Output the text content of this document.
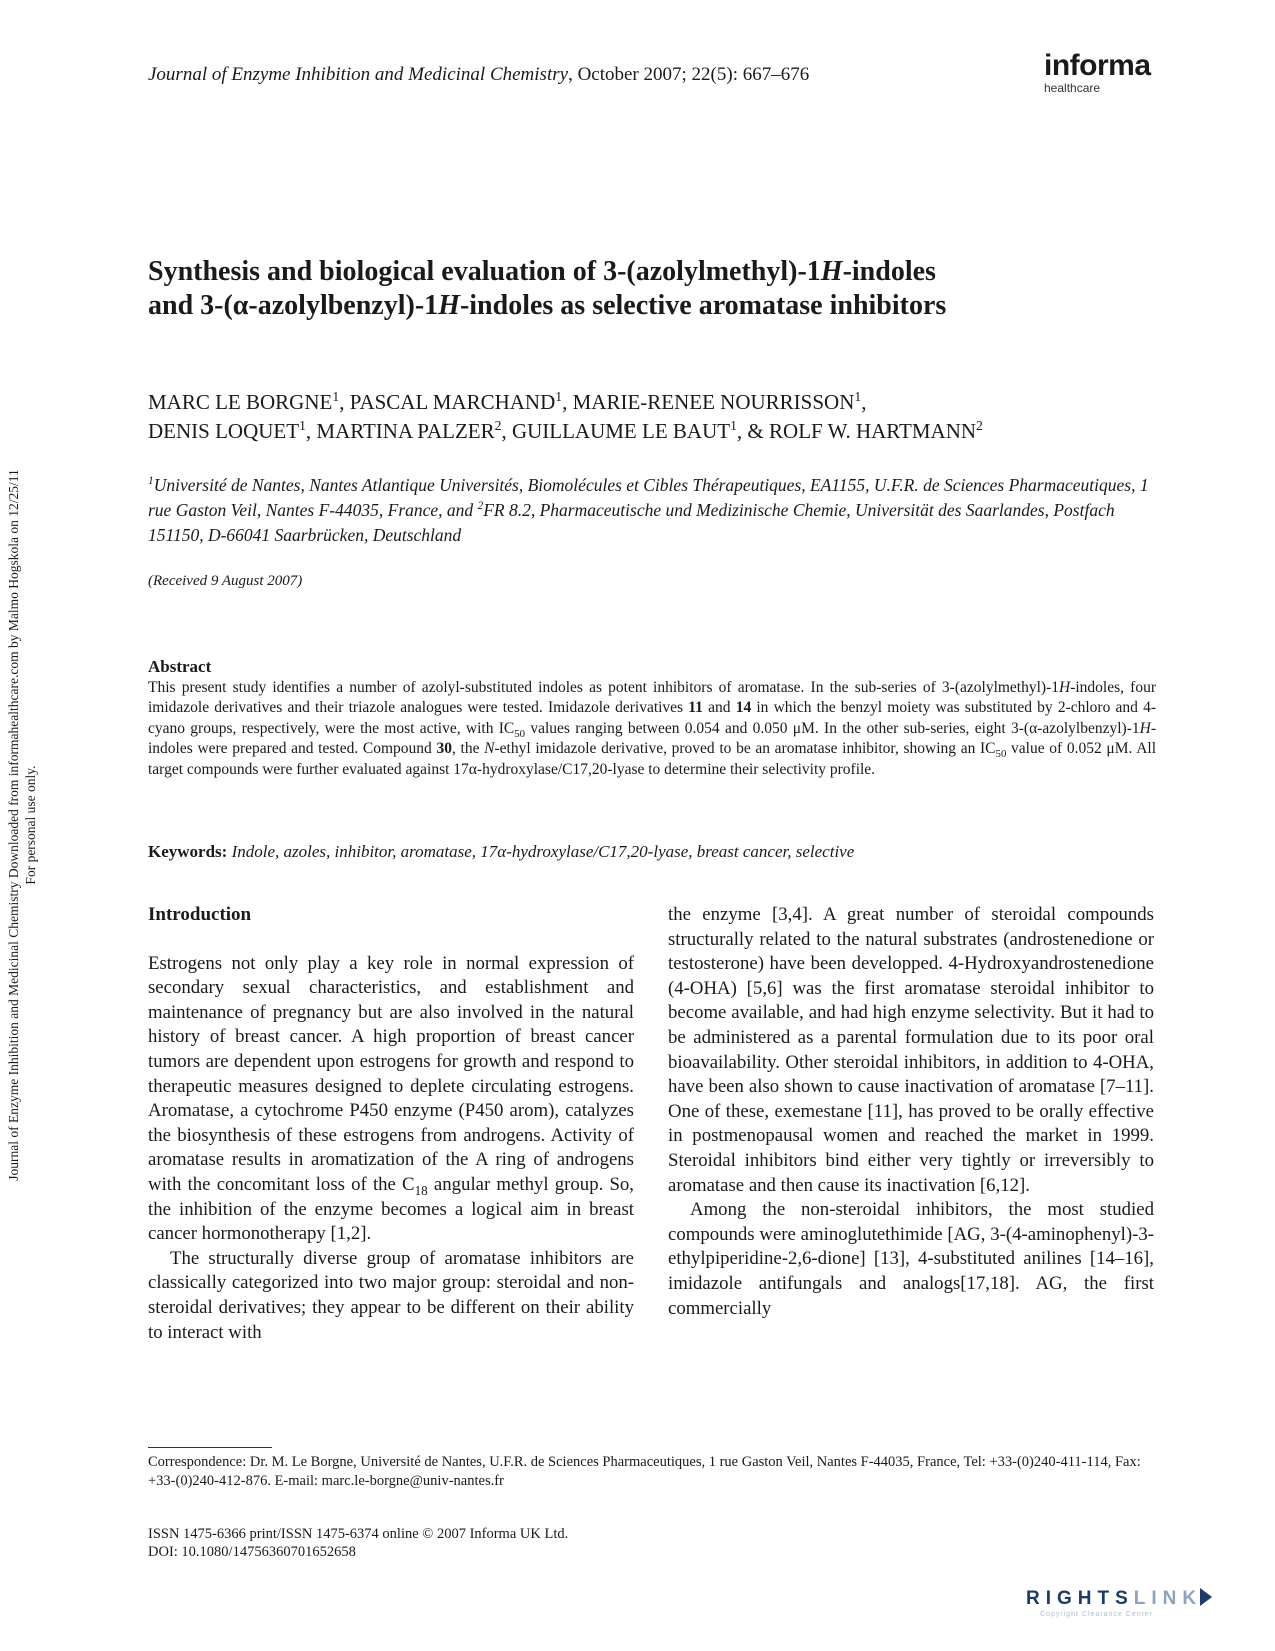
Journal of Enzyme Inhibition and Medicinal Chemistry, October 2007; 22(5): 667–676	informa
healthcare
Journal of Enzyme Inhibition and Medicinal Chemistry Downloaded from informahealthcare.com by Malmo Hogskola on 12/25/11 For personal use only.
Synthesis and biological evaluation of 3-(azolylmethyl)-1H-indoles
and 3-(α-azolylbenzyl)-1H-indoles as selective aromatase inhibitors
MARC LE BORGNE$^1$, PASCAL MARCHAND$^1$, MARIE-RENEE NOURRISSON$^1$,
DENIS LOQUET$^1$, MARTINA PALZER$^2$, GUILLAUME LE BAUT$^1$, & ROLF W. HARTMANN$^2$
$^1$Université de Nantes, Nantes Atlantique Universités, Biomolécules et Cibles Thérapeutiques, EA1155, U.F.R. de Sciences Pharmaceutiques, 1 rue Gaston Veil, Nantes F-44035, France, and $^2$FR 8.2, Pharmaceutische und Medizinische Chemie, Universität des Saarlandes, Postfach 151150, D-66041 Saarbrücken, Deutschland
(Received 9 August 2007)
Abstract

This present study identifies a number of azolyl-substituted indoles as potent inhibitors of aromatase. In the sub-series of 3-(azolylmethyl)-1H-indoles, four imidazole derivatives and their triazole analogues were tested. Imidazole derivatives 11 and 14 in which the benzyl moiety was substituted by 2-chloro and 4-cyano groups, respectively, were the most active, with $IC_{50}$ values ranging between 0.054 and 0.050 μM. In the other sub-series, eight 3-(α-azolylbenzyl)-1H-indoles were prepared and tested. Compound 30, the N-ethyl imidazole derivative, proved to be an aromatase inhibitor, showing an $IC_{50}$ value of 0.052 μM. All target compounds were further evaluated against 17α-hydroxylase/C17,20-lyase to determine their selectivity profile.

Keywords: Indole, azoles, inhibitor, aromatase, 17α-hydroxylase/C17,20-lyase, breast cancer, selective

Introduction

Estrogens not only play a key role in normal expression of secondary sexual characteristics, and establishment and maintenance of pregnancy but are also involved in the natural history of breast cancer. A high proportion of breast cancer tumors are dependent upon estrogens for growth and respond to therapeutic measures designed to deplete circulating estrogens. Aromatase, a cytochrome P450 enzyme (P450 arom), catalyzes the biosynthesis of these estrogens from androgens. Activity of aromatase results in aromatization of the A ring of androgens with the concomitant loss of the $C_{18}$ angular methyl group. So, the inhibition of the enzyme becomes a logical aim in breast cancer hormonotherapy [1,2].

The structurally diverse group of aromatase inhibitors are classically categorized into two major group: steroidal and non-steroidal derivatives; they appear to be different on their ability to interact with

the enzyme [3,4]. A great number of steroidal compounds structurally related to the natural substrates (androstenedione or testosterone) have been developped. 4-Hydroxyandrostenedione (4-OHA) [5,6] was the first aromatase steroidal inhibitor to become available, and had high enzyme selectivity. But it had to be administered as a parental formulation due to its poor oral bioavailability. Other steroidal inhibitors, in addition to 4-OHA, have been also shown to cause inactivation of aromatase [7–11]. One of these, exemestane [11], has proved to be orally effective in postmenopausal women and reached the market in 1999. Steroidal inhibitors bind either very tightly or irreversibly to aromatase and then cause its inactivation [6,12].

Among the non-steroidal inhibitors, the most studied compounds were aminoglutethimide [AG, 3-(4-aminophenyl)-3-ethylpiperidine-2,6-dione] [13], 4-substituted anilines [14–16], imidazole antifungals and analogs[17,18]. AG, the first commercially

Correspondence: Dr. M. Le Borgne, Université de Nantes, U.F.R. de Sciences Pharmaceutiques, 1 rue Gaston Veil, Nantes F-44035, France, Tel: +33-(0)240-411-114, Fax: +33-(0)240-412-876. E-mail: marc.le-borgne@univ-nantes.fr
ISSN 1475-6366 print/ISSN 1475-6374 online © 2007 Informa UK Ltd.
DOI: 10.1080/14756360701652658
RIGHTSLINK
Copyright Clearance Center
